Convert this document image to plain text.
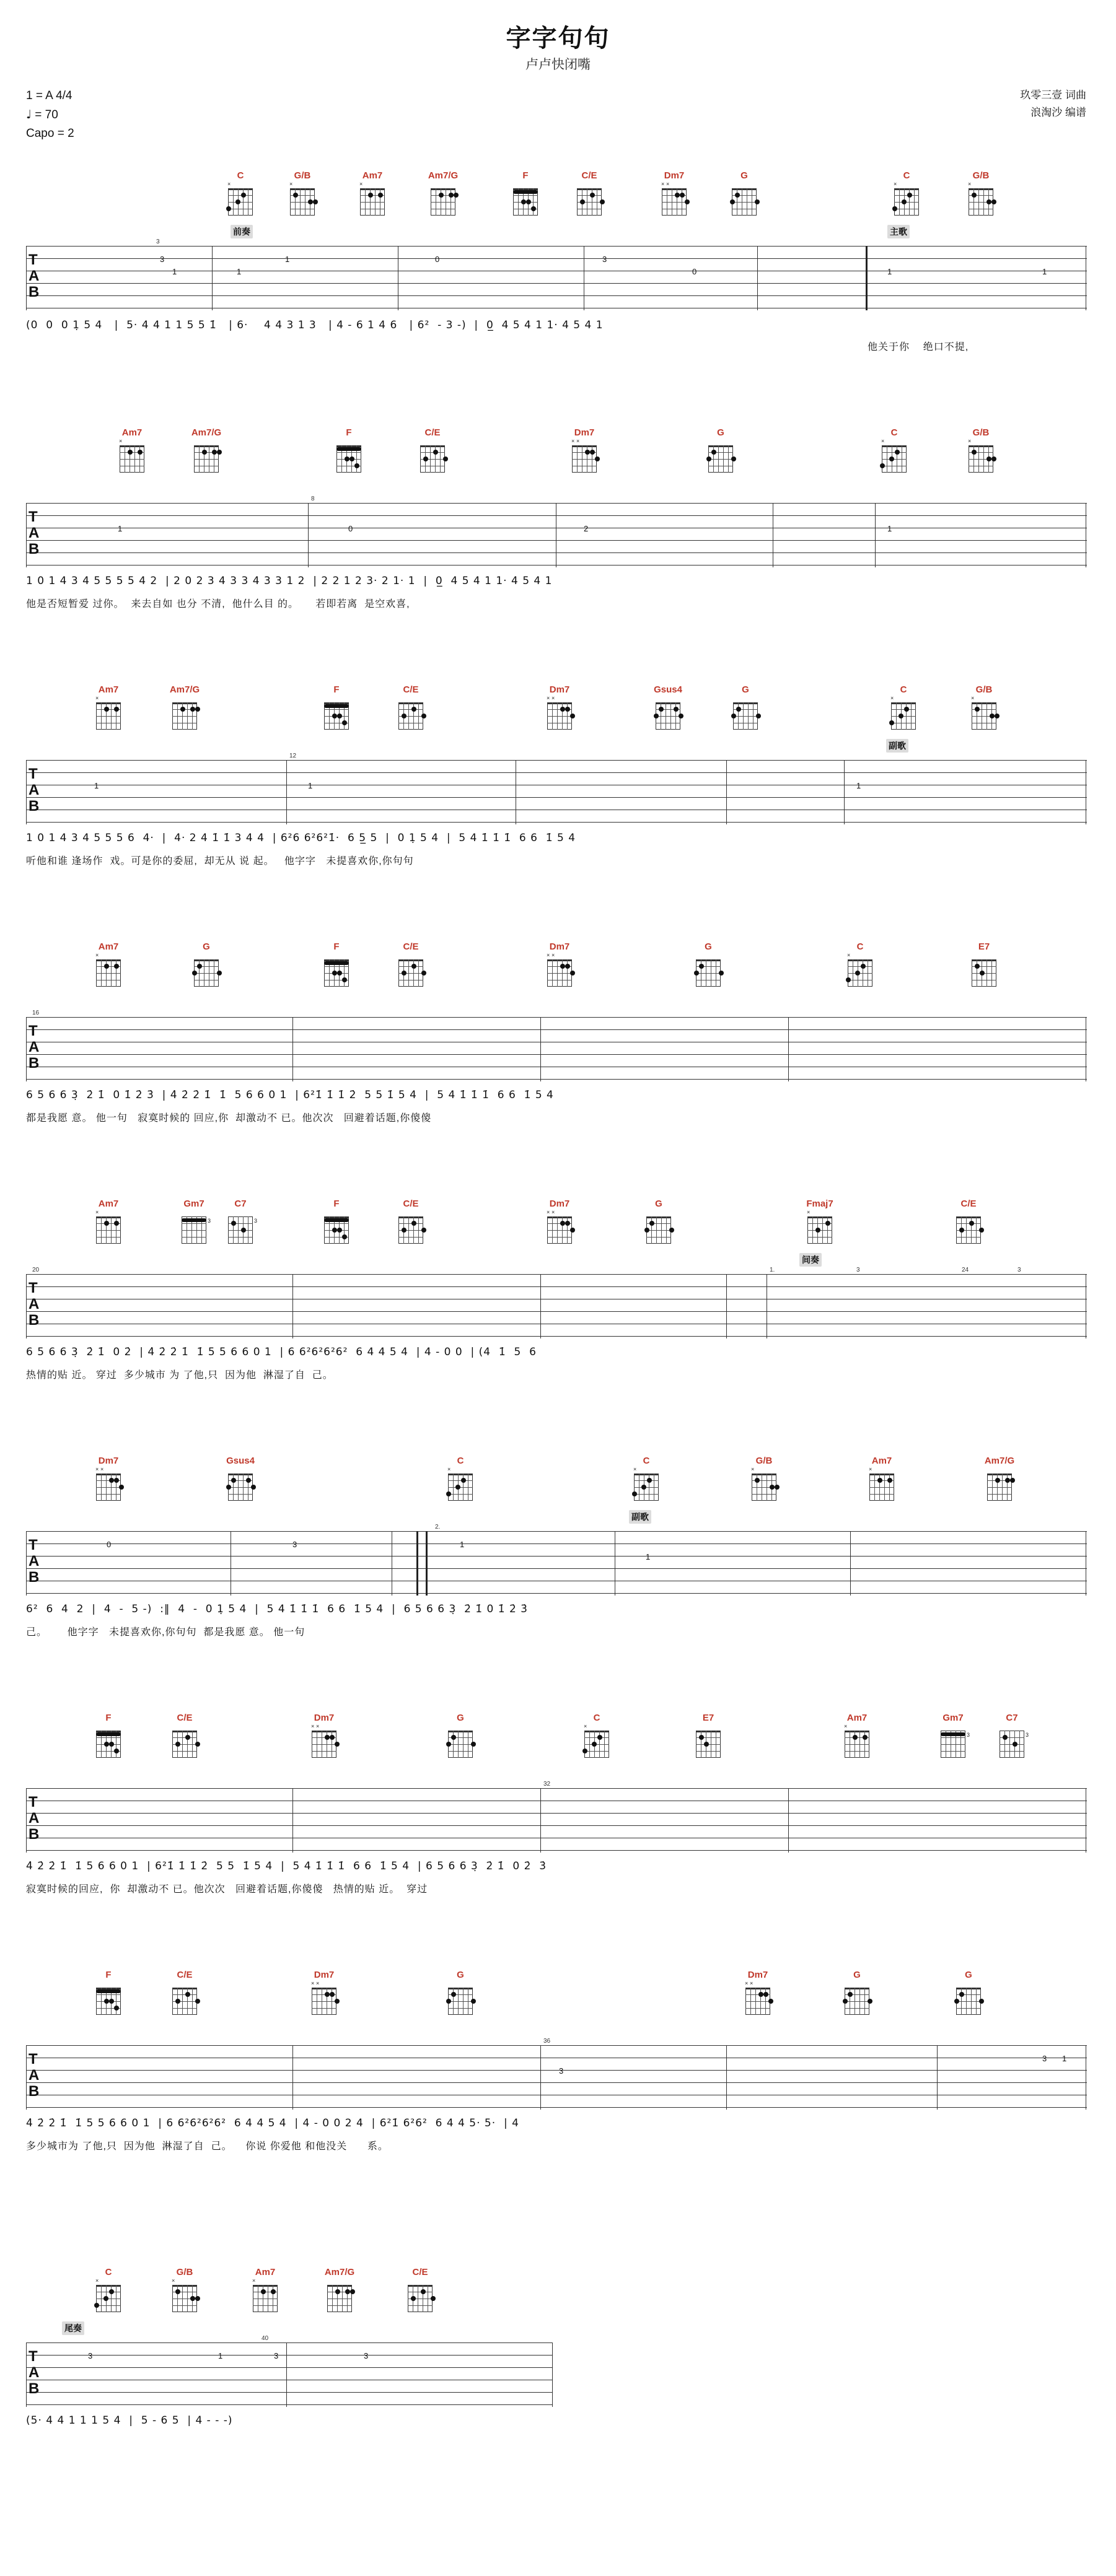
字字句句
卢卢快闭嘴
1 = A 4/4
♩ = 70
Capo = 2
玖零三壹 词曲
浪淘沙 编谱
C
×
G/B
×
Am7
×
Am7/G	F	C/E	Dm7
× ×
G	C
×
G/B
×
前奏	主歌
T
A
B
3
3
1	1
1	0	3
0	1	1
(0  0  0 1̣ 5 4   |  5· 4 4 1 1 5 5 1̇   | 6·    4 4 3 1 3   | 4 - 6 1 4 6   | 6²  - 3 -)  |  0̲  4 5 4 1 1· 4 5 4 1
他关于你    绝口不提,
Am7
×
Am7/G	F	C/E	Dm7
× ×
G	C
×
G/B
×
T
A
B
8
1	0	2	1
1 0 1 4 3 4 5 5 5 5 4 2  | 2 0 2 3 4 3 3 4 3 3 1 2  | 2 2 1 2 3· 2 1· 1  |  0̲  4 5 4 1 1· 4 5 4 1
他是否短暂爱 过你。  来去自如 也分 不清,  他什么目 的。     若即若离  是空欢喜,
Am7
×
Am7/G	F	C/E	Dm7
× ×
Gsus4	G	C
×
G/B
×
副歌
T
A
B
12
1	1	1
1 0 1 4 3 4 5 5 5 6  4·  |  4· 2 4 1̇ 1̇ 3 4 4  | 6²6 6²6²1̇·  6 5̲ 5  |  0 1̣ 5 4  |  5 4 1̇ 1̇ 1̇  6 6  1̇ 5 4
听他和谁 逢场作  戏。可是你的委屈,  却无从 说 起。   他字字   未提喜欢你,你句句
Am7
×
G	F	C/E	Dm7
× ×
G	C
×
E7
T
A
B
16
6 5 6 6 3̣  2̇ 1̇  0 1̇ 2̇ 3̇  | 4̇ 2̇ 2̇ 1̇  1̇  5 6 6 0 1  | 6²1̇ 1̇ 1̇ 2̇  5 5 1̇ 5 4  |  5 4 1̇ 1̇ 1̇  6 6  1̇ 5 4
都是我愿 意。 他一句   寂寞时候的 回应,你  却激动不 已。他次次   回避着话题,你傻傻
Am7
×
Gm7
3
C7
3
F	C/E	Dm7
× ×
G	Fmaj7
×
C/E
间奏
T
A
B
20	1.	3	24	3
6 5 6 6 3̣  2̇ 1̇  0 2̇  | 4̇ 2̇ 2̇ 1̇  1̇ 5 5 6 6 0 1  | 6 6²6²6²6²  6 4 4 5 4  | 4 - 0 0  | (4  1̇  5  6
热情的贴 近。 穿过  多少城市 为 了他,只  因为他  淋湿了自  己。
Dm7
× ×
Gsus4	C
×
C
×
G/B
×
Am7
×
Am7/G
副歌
T
A
B
2.
0	3	1
1
6²  6  4  2  |  4  -  5 -)  :‖  4  -  0 1̣ 5 4  |  5 4 1̇ 1̇ 1̇  6 6  1̇ 5 4  |  6 5 6 6 3̣  2̇ 1̇ 0 1̇ 2̇ 3̇
己。      他字字   未提喜欢你,你句句  都是我愿 意。 他一句
F	C/E	Dm7
× ×
G	C
×
E7	Am7
×
Gm7
3
C7
3
T
A
B
32
4̇ 2̇ 2̇ 1̇  1̇ 5 6 6 0 1  | 6²1̇ 1̇ 1̇ 2̇  5 5  1̇ 5 4  |  5 4 1̇ 1̇ 1̇  6 6  1̇ 5 4  | 6 5 6 6 3̣  2̇ 1̇  0 2̇  3̇
寂寞时候的回应,  你  却激动不 已。他次次   回避着话题,你傻傻   热情的贴 近。  穿过
F	C/E	Dm7
× ×
G	Dm7
× ×
G	G
T
A
B
36
3
3 1
4̇ 2̇ 2̇ 1̇  1̇ 5 5 6 6 0 1  | 6 6²6²6²6²  6 4 4 5 4  | 4 - 0 0 2 4  | 6²1̇ 6²6²  6 4 4 5· 5·  | 4
多少城市为 了他,只  因为他  淋湿了自  己。    你说 你爱他 和他没关      系。
C
×
G/B
×
Am7
×
Am7/G	C/E
尾奏
T
A
B
40
3	1	3	3
(5· 4 4 1 1 1 5 4  |  5 - 6 5  | 4 - - -)
